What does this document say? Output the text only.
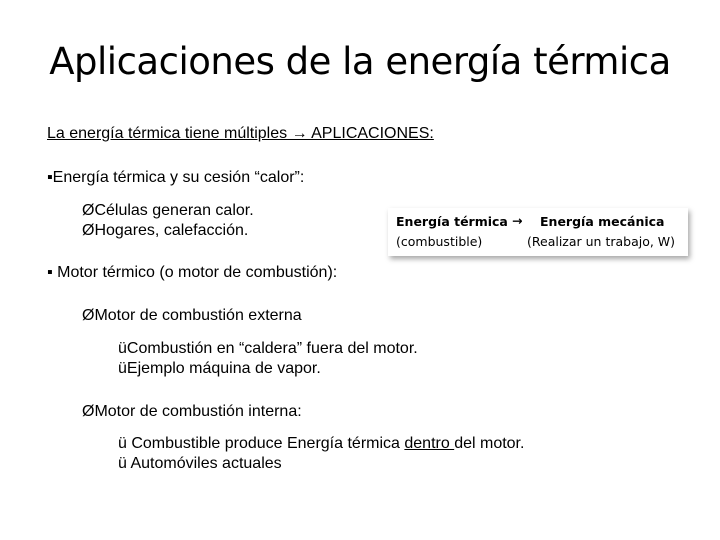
Aplicaciones de la energía térmica
La energía térmica tiene múltiples → APLICACIONES:
▪Energía térmica y su cesión “calor”:
ØCélulas generan calor.
ØHogares, calefacción.
Energía térmica → Energía mecánica
(combustible)	(Realizar un trabajo, W)
▪ Motor térmico (o motor de combustión):
ØMotor de combustión externa
üCombustión en “caldera” fuera del motor.
üEjemplo máquina de vapor.
ØMotor de combustión interna:
ü Combustible produce Energía térmica dentro del motor.
ü Automóviles actuales
